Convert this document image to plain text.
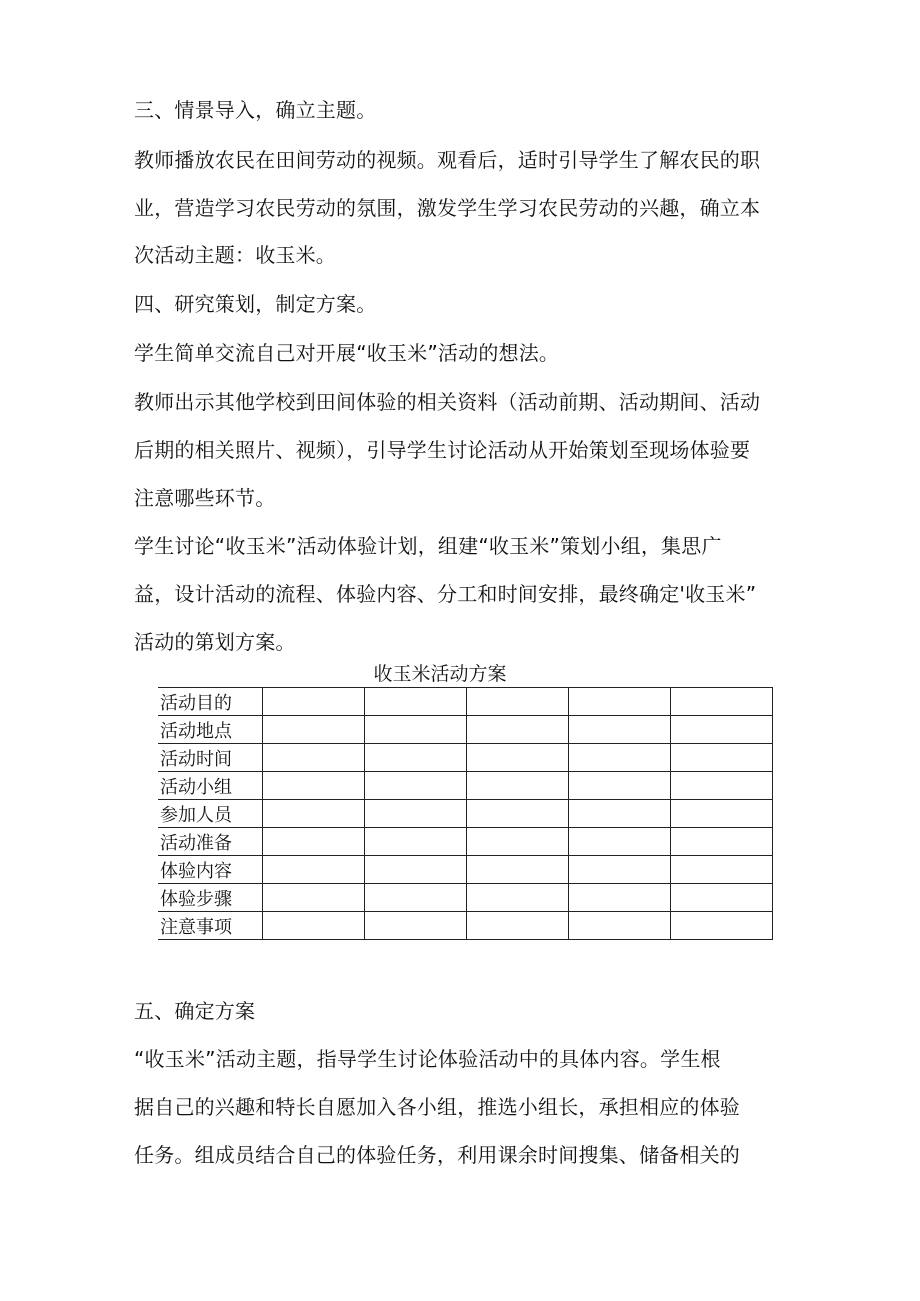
三、情景导入，确立主题。
教师播放农民在田间劳动的视频。观看后，适时引导学生了解农民的职
业，营造学习农民劳动的氛围，激发学生学习农民劳动的兴趣，确立本
次活动主题：收玉米。
四、研究策划，制定方案。
学生简单交流自己对开展“收玉米”活动的想法。
教师出示其他学校到田间体验的相关资料（活动前期、活动期间、活动
后期的相关照片、视频），引导学生讨论活动从开始策划至现场体验要
注意哪些环节。
学生讨论“收玉米”活动体验计划，组建“收玉米”策划小组，集思广
益，设计活动的流程、体验内容、分工和时间安排，最终确定'收玉米”
活动的第划方案。
收玉米活动方案
活动目的					
活动地点					
活动时间					
活动小组					
参加人员					
活动准备					
体验内容					
体验步骤					
注意事项					
五、确定方案
“收玉米”活动主题，指导学生讨论体验活动中的具体内容。学生根
据自己的兴趣和特长自愿加入各小组，推选小组长，承担相应的体验
任务。组成员结合自己的体验任务，利用课余时间搜集、储备相关的
